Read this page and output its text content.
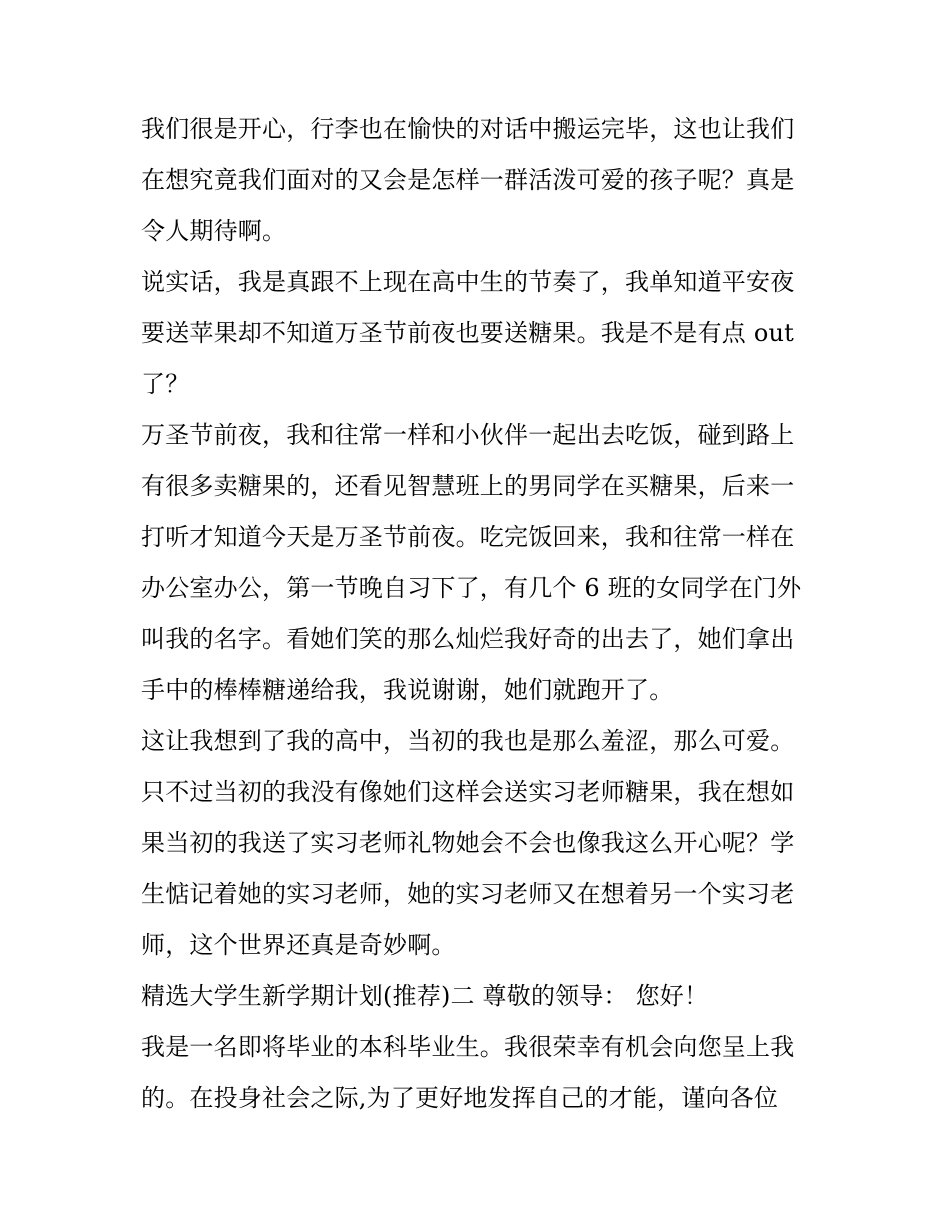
我们很是开心，行李也在愉快的对话中搬运完毕，这也让我们
在想究竟我们面对的又会是怎样一群活泼可爱的孩子呢？真是
令人期待啊。
说实话，我是真跟不上现在高中生的节奏了，我单知道平安夜
要送苹果却不知道万圣节前夜也要送糖果。我是不是有点 out
了？
万圣节前夜，我和往常一样和小伙伴一起出去吃饭，碰到路上
有很多卖糖果的，还看见智慧班上的男同学在买糖果，后来一
打听才知道今天是万圣节前夜。吃完饭回来，我和往常一样在
办公室办公，第一节晚自习下了，有几个 6 班的女同学在门外
叫我的名字。看她们笑的那么灿烂我好奇的出去了，她们拿出
手中的棒棒糖递给我，我说谢谢，她们就跑开了。
这让我想到了我的高中，当初的我也是那么羞涩，那么可爱。
只不过当初的我没有像她们这样会送实习老师糖果，我在想如
果当初的我送了实习老师礼物她会不会也像我这么开心呢？学
生惦记着她的实习老师，她的实习老师又在想着另一个实习老
师，这个世界还真是奇妙啊。
精选大学生新学期计划(推荐)二 尊敬的领导： 您好！
我是一名即将毕业的本科毕业生。我很荣幸有机会向您呈上我
的。在投身社会之际,为了更好地发挥自己的才能，谨向各位
